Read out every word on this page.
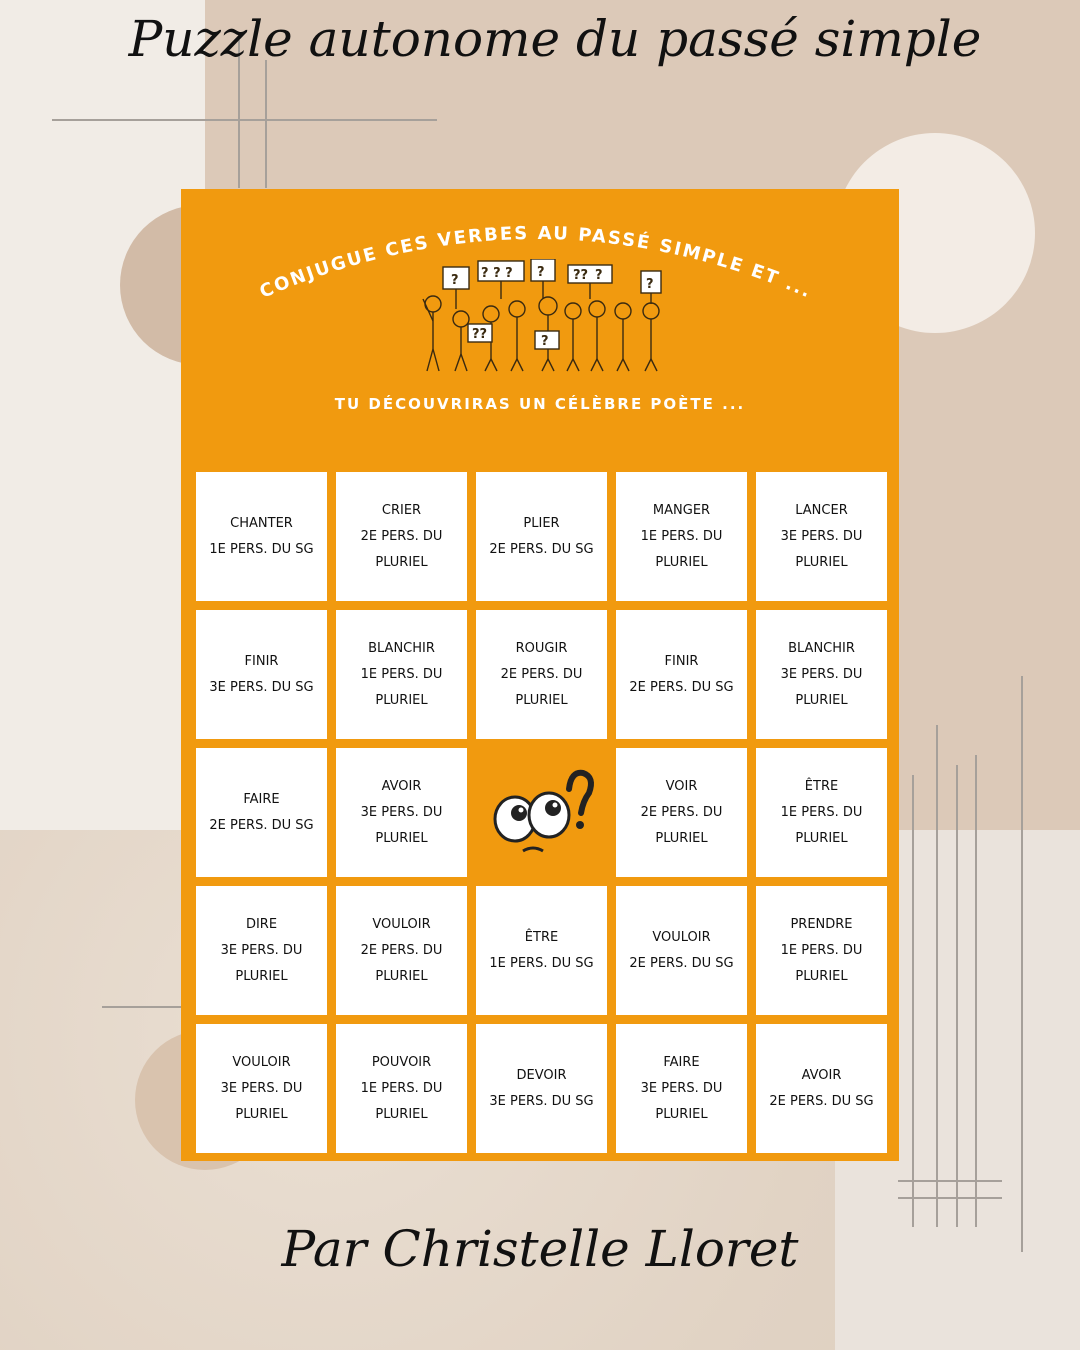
Puzzle autonome du passé simple
CONJUGUE CES VERBES AU PASSÉ SIMPLE ET ...
? ? ? ? ? ?? ?
?
??	?
TU DÉCOUVRIRAS UN CÉLÈBRE POÈTE ...
CHANTER
1E PERS. DU SG
CRIER
2E PERS. DU
PLURIEL
PLIER
2E PERS. DU SG
MANGER
1E PERS. DU
PLURIEL
LANCER
3E PERS. DU
PLURIEL
FINIR
3E PERS. DU SG
BLANCHIR
1E PERS. DU
PLURIEL
ROUGIR
2E PERS. DU
PLURIEL
FINIR
2E PERS. DU SG
BLANCHIR
3E PERS. DU
PLURIEL
FAIRE
2E PERS. DU SG
AVOIR
3E PERS. DU
PLURIEL
VOIR
2E PERS. DU
PLURIEL
ÊTRE
1E PERS. DU
PLURIEL
DIRE
3E PERS. DU
PLURIEL
VOULOIR
2E PERS. DU
PLURIEL
ÊTRE
1E PERS. DU SG
VOULOIR
2E PERS. DU SG
PRENDRE
1E PERS. DU
PLURIEL
VOULOIR
3E PERS. DU
PLURIEL
POUVOIR
1E PERS. DU
PLURIEL
DEVOIR
3E PERS. DU SG
FAIRE
3E PERS. DU
PLURIEL
AVOIR
2E PERS. DU SG
Par Christelle Lloret
